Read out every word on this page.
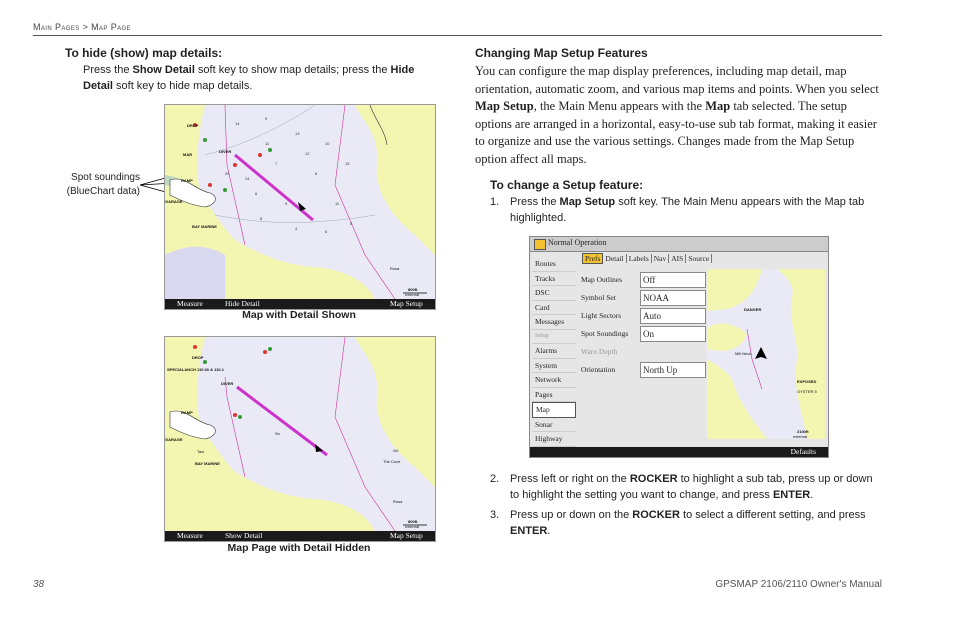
Main Pages > Map Page
To hide (show) map details:
Press the Show Detail soft key to show map details; press the Hide Detail soft key to hide map details.
Spot soundings (BlueChart data)
14
9
13
10
7
8
6
9	11
20
24
11
12
15
8
4
6
5
DROP
MAR
DIVER
RAMP
BAY MARINE
GARAGE
Rosa
800ft
external
Measure	Hide Detail	Map Setup
Map with Detail Shown
DROP
SPECIALANCH 110.60 & 110.1
DIVER
RAMP
BAY MARINE
GARAGE
Taxi
The Cove
Sn
Grl
Rosa
800ft
external
Measure	Show Detail	Map Setup
Map Page with Detail Hidden
Changing Map Setup Features
You can configure the map display preferences, including map detail, map orientation, automatic zoom, and various map items and points. When you select Map Setup, the Main Menu appears with the Map tab selected. The setup options are arranged in a horizontal, easy-to-use sub tab format, making it easier to organize and use the various settings. Changes made from the Map Setup option affect all maps.
To change a Setup feature:
1. Press the Map Setup soft key. The Main Menu appears with the Map tab highlighted.
Normal Operation
Routes
Tracks
DSC
Card
Messages
Setup
Alarms
System
Network
Pages
Map
Sonar
Highway
Prefs Detail Labels Nav AIS Source
Map Outlines	Off
Symbol Set	NOAA
Light Sectors	Auto
Spot Soundings	On
Warn Depth
Orientation	North Up
DANGER
EXPOSED
OYSTER 5
Mill Neck
2100ft
external
Defaults
2. Press left or right on the ROCKER to highlight a sub tab, press up or down to highlight the setting you want to change, and press ENTER.
3. Press up or down on the ROCKER to select a different setting, and press ENTER.
38	GPSMAP 2106/2110 Owner's Manual
